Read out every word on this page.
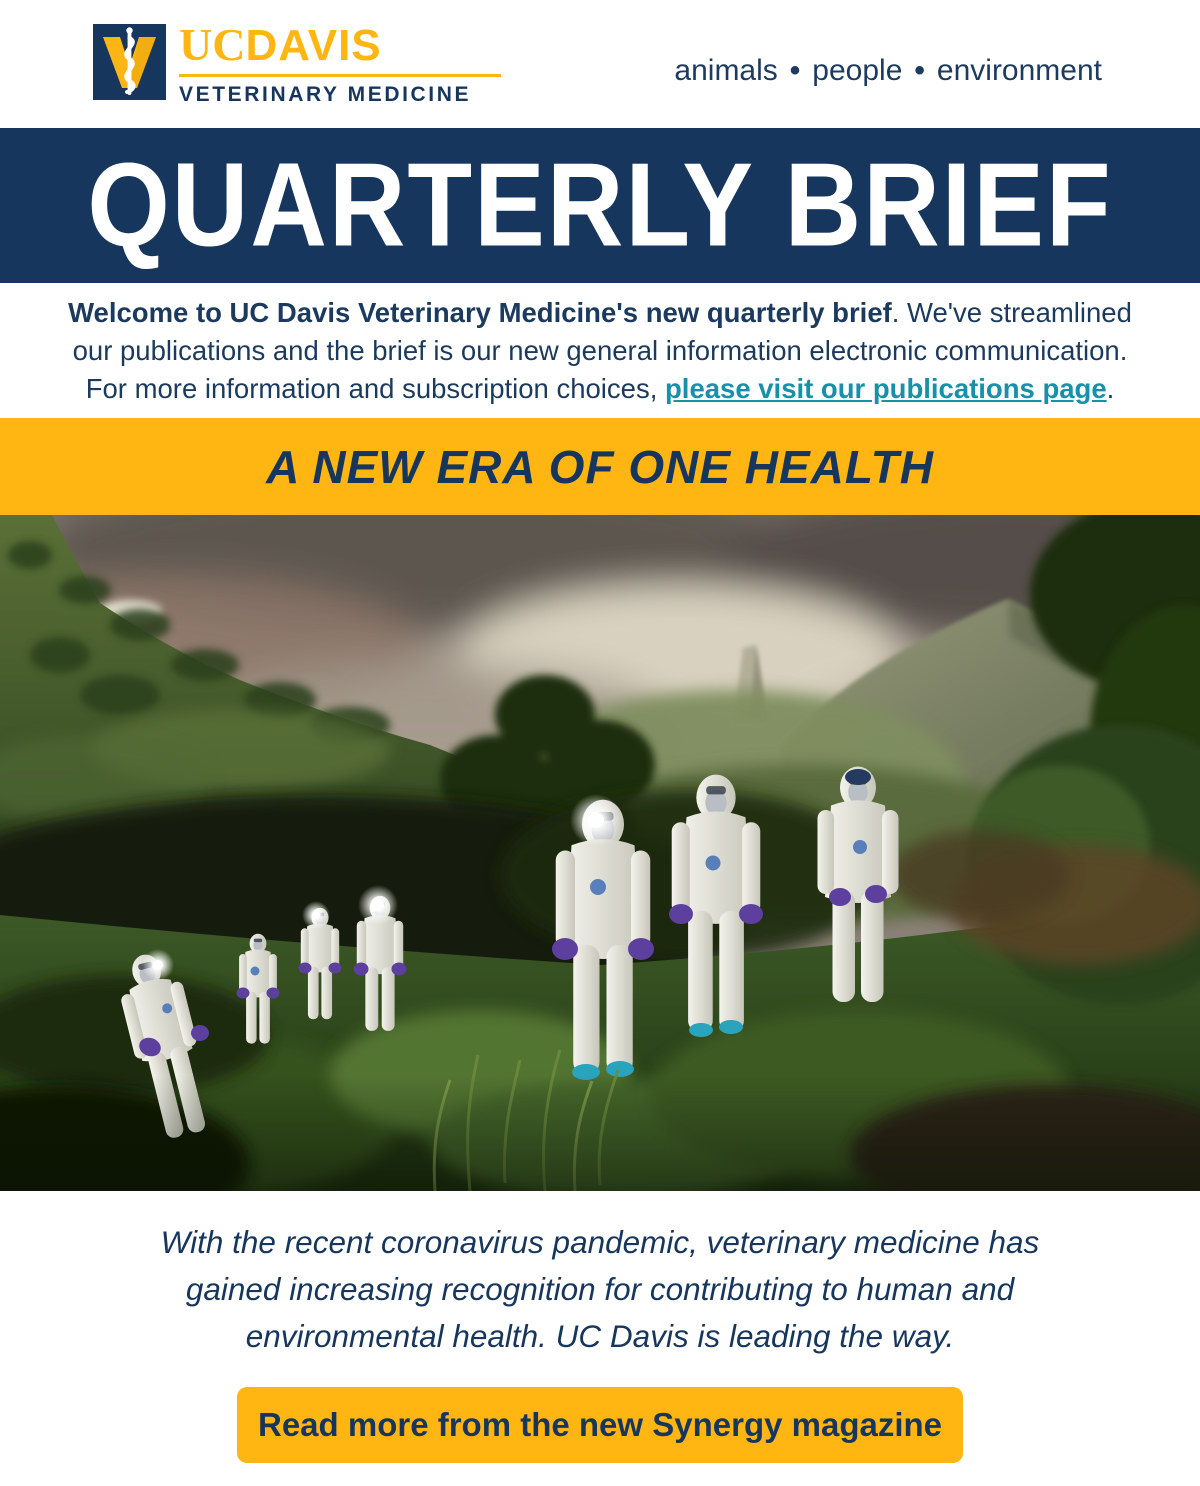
UCDAVIS
VETERINARY MEDICINE
animals • people • environment
QUARTERLY BRIEF

Welcome to UC Davis Veterinary Medicine's new quarterly brief. We've streamlined
our publications and the brief is our new general information electronic communication.
For more information and subscription choices, please visit our publications page.

A NEW ERA OF ONE HEALTH

With the recent coronavirus pandemic, veterinary medicine has
gained increasing recognition for contributing to human and
environmental health. UC Davis is leading the way.

Read more from the new Synergy magazine
